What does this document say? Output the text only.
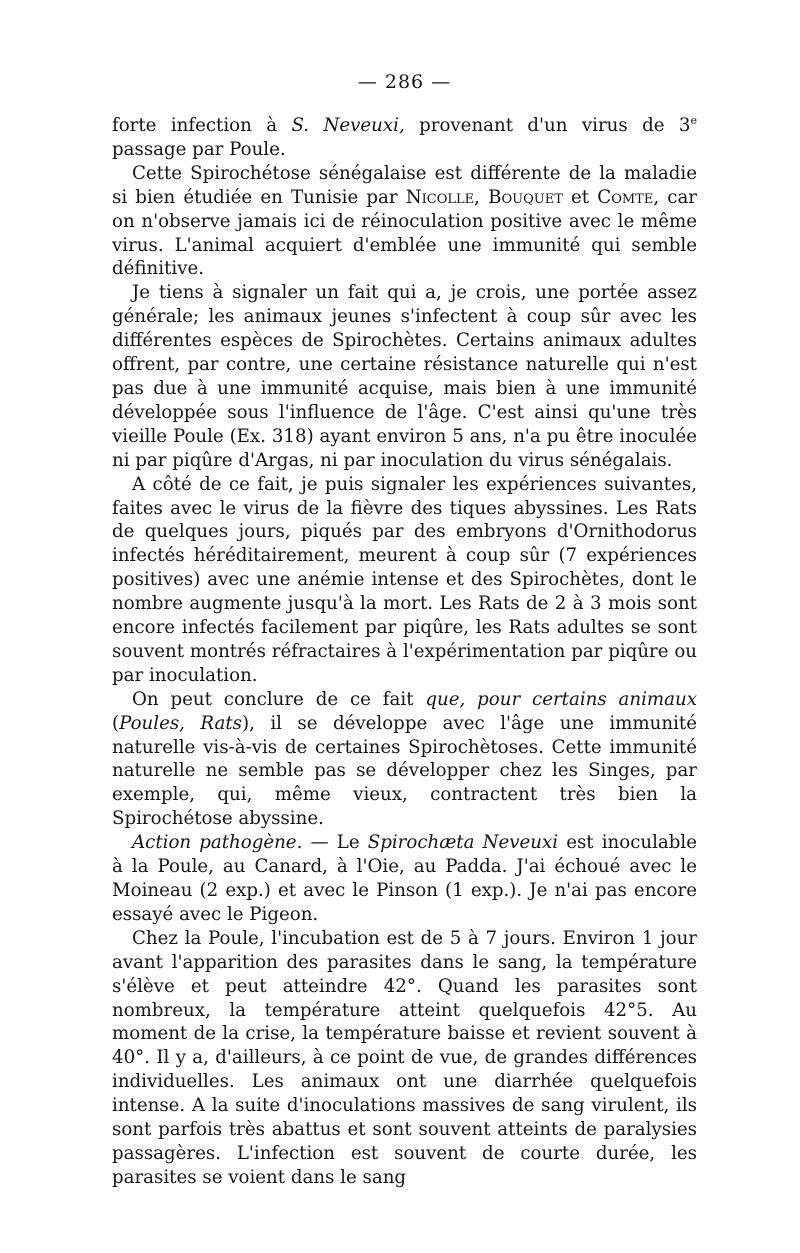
— 286 —

forte infection à S. Neveuxi, provenant d'un virus de 3e passage par Poule.

Cette Spirochétose sénégalaise est différente de la maladie si bien étudiée en Tunisie par Nicolle, Bouquet et Comte, car on n'observe jamais ici de réinoculation positive avec le même virus. L'animal acquiert d'emblée une immunité qui semble définitive.

Je tiens à signaler un fait qui a, je crois, une portée assez générale; les animaux jeunes s'infectent à coup sûr avec les différentes espèces de Spirochètes. Certains animaux adultes offrent, par contre, une certaine résistance naturelle qui n'est pas due à une immunité acquise, mais bien à une immunité développée sous l'influence de l'âge. C'est ainsi qu'une très vieille Poule (Ex. 318) ayant environ 5 ans, n'a pu être inoculée ni par piqûre d'Argas, ni par inoculation du virus sénégalais.

A côté de ce fait, je puis signaler les expériences suivantes, faites avec le virus de la fièvre des tiques abyssines. Les Rats de quelques jours, piqués par des embryons d'Ornithodorus infectés héréditairement, meurent à coup sûr (7 expériences positives) avec une anémie intense et des Spirochètes, dont le nombre augmente jusqu'à la mort. Les Rats de 2 à 3 mois sont encore infectés facilement par piqûre, les Rats adultes se sont souvent montrés réfractaires à l'expérimentation par piqûre ou par inoculation.

On peut conclure de ce fait que, pour certains animaux (Poules, Rats), il se développe avec l'âge une immunité naturelle vis-à-vis de certaines Spirochètoses. Cette immunité naturelle ne semble pas se développer chez les Singes, par exemple, qui, même vieux, contractent très bien la Spirochétose abyssine.

Action pathogène. — Le Spirochæta Neveuxi est inoculable à la Poule, au Canard, à l'Oie, au Padda. J'ai échoué avec le Moineau (2 exp.) et avec le Pinson (1 exp.). Je n'ai pas encore essayé avec le Pigeon.

Chez la Poule, l'incubation est de 5 à 7 jours. Environ 1 jour avant l'apparition des parasites dans le sang, la température s'élève et peut atteindre 42°. Quand les parasites sont nombreux, la température atteint quelquefois 42°5. Au moment de la crise, la température baisse et revient souvent à 40°. Il y a, d'ailleurs, à ce point de vue, de grandes différences individuelles. Les animaux ont une diarrhée quelquefois intense. A la suite d'inoculations massives de sang virulent, ils sont parfois très abattus et sont souvent atteints de paralysies passagères. L'infection est souvent de courte durée, les parasites se voient dans le sang
